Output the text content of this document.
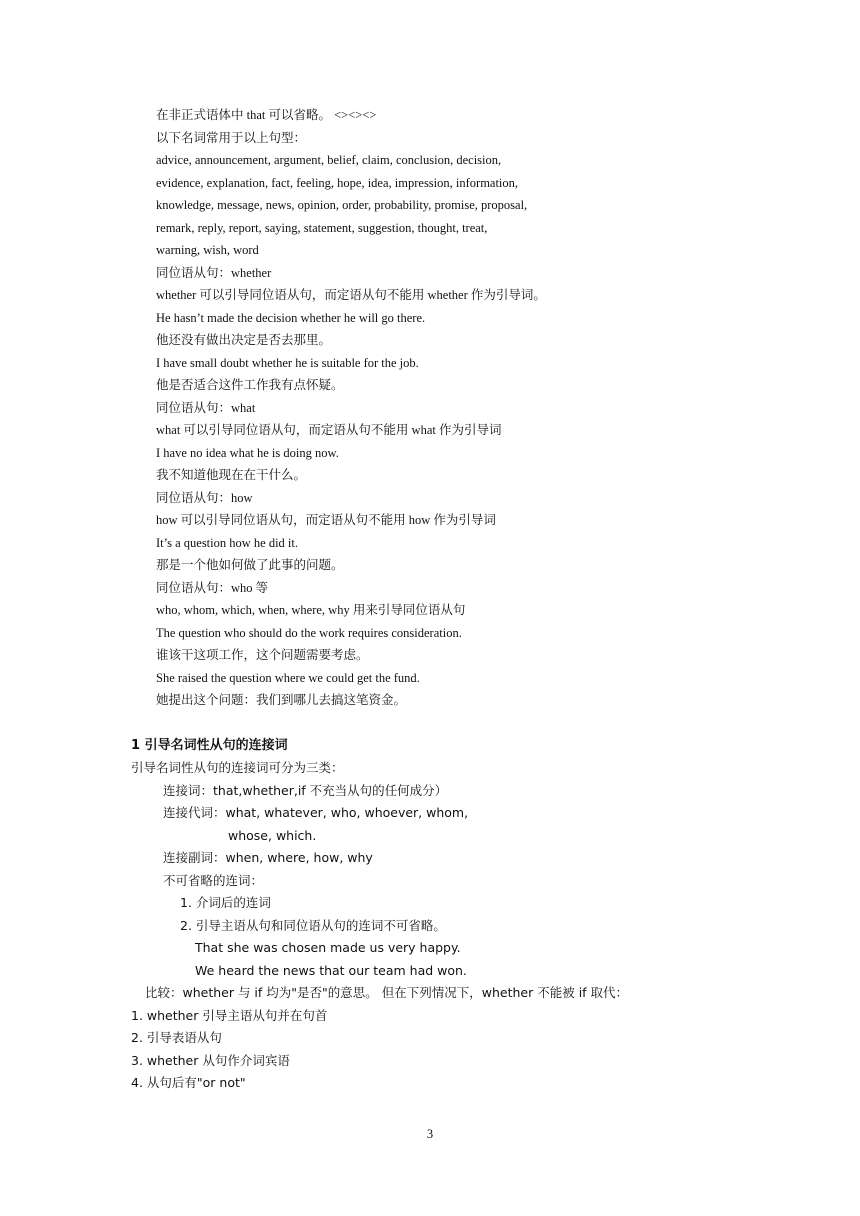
在非正式语体中 that 可以省略。 <><><>
以下名词常用于以上句型：
advice, announcement, argument, belief, claim, conclusion, decision,
evidence, explanation, fact, feeling, hope, idea, impression, information,
knowledge, message, news, opinion, order, probability, promise, proposal,
remark, reply, report, saying, statement, suggestion, thought, treat,
warning, wish, word
同位语从句：whether
whether 可以引导同位语从句，而定语从句不能用 whether 作为引导词。
He hasn’t made the decision whether he will go there.
他还没有做出决定是否去那里。
I have small doubt whether he is suitable for the job.
他是否适合这件工作我有点怀疑。
同位语从句：what
what 可以引导同位语从句，而定语从句不能用 what 作为引导词
I have no idea what he is doing now.
我不知道他现在在干什么。
同位语从句：how
how 可以引导同位语从句，而定语从句不能用 how 作为引导词
It’s a question how he did it.
那是一个他如何做了此事的问题。
同位语从句：who 等
who, whom, which, when, where, why 用来引导同位语从句
The question who should do the work requires consideration.
谁该干这项工作，这个问题需要考虑。
She raised the question where we could get the fund.
她提出这个问题：我们到哪儿去搞这笔资金。
1 引导名词性从句的连接词
引导名词性从句的连接词可分为三类：
连接词：that,whether,if 不充当从句的任何成分）
连接代词：what, whatever, who, whoever, whom,
whose, which.
连接副词：when, where, how, why
不可省略的连词：
1. 介词后的连词
2. 引导主语从句和同位语从句的连词不可省略。
That she was chosen made us very happy.
We heard the news that our team had won.
比较：whether 与 if 均为"是否"的意思。 但在下列情况下，whether 不能被 if 取代：
1. whether 引导主语从句并在句首
2. 引导表语从句
3. whether 从句作介词宾语
4. 从句后有"or not"
3
